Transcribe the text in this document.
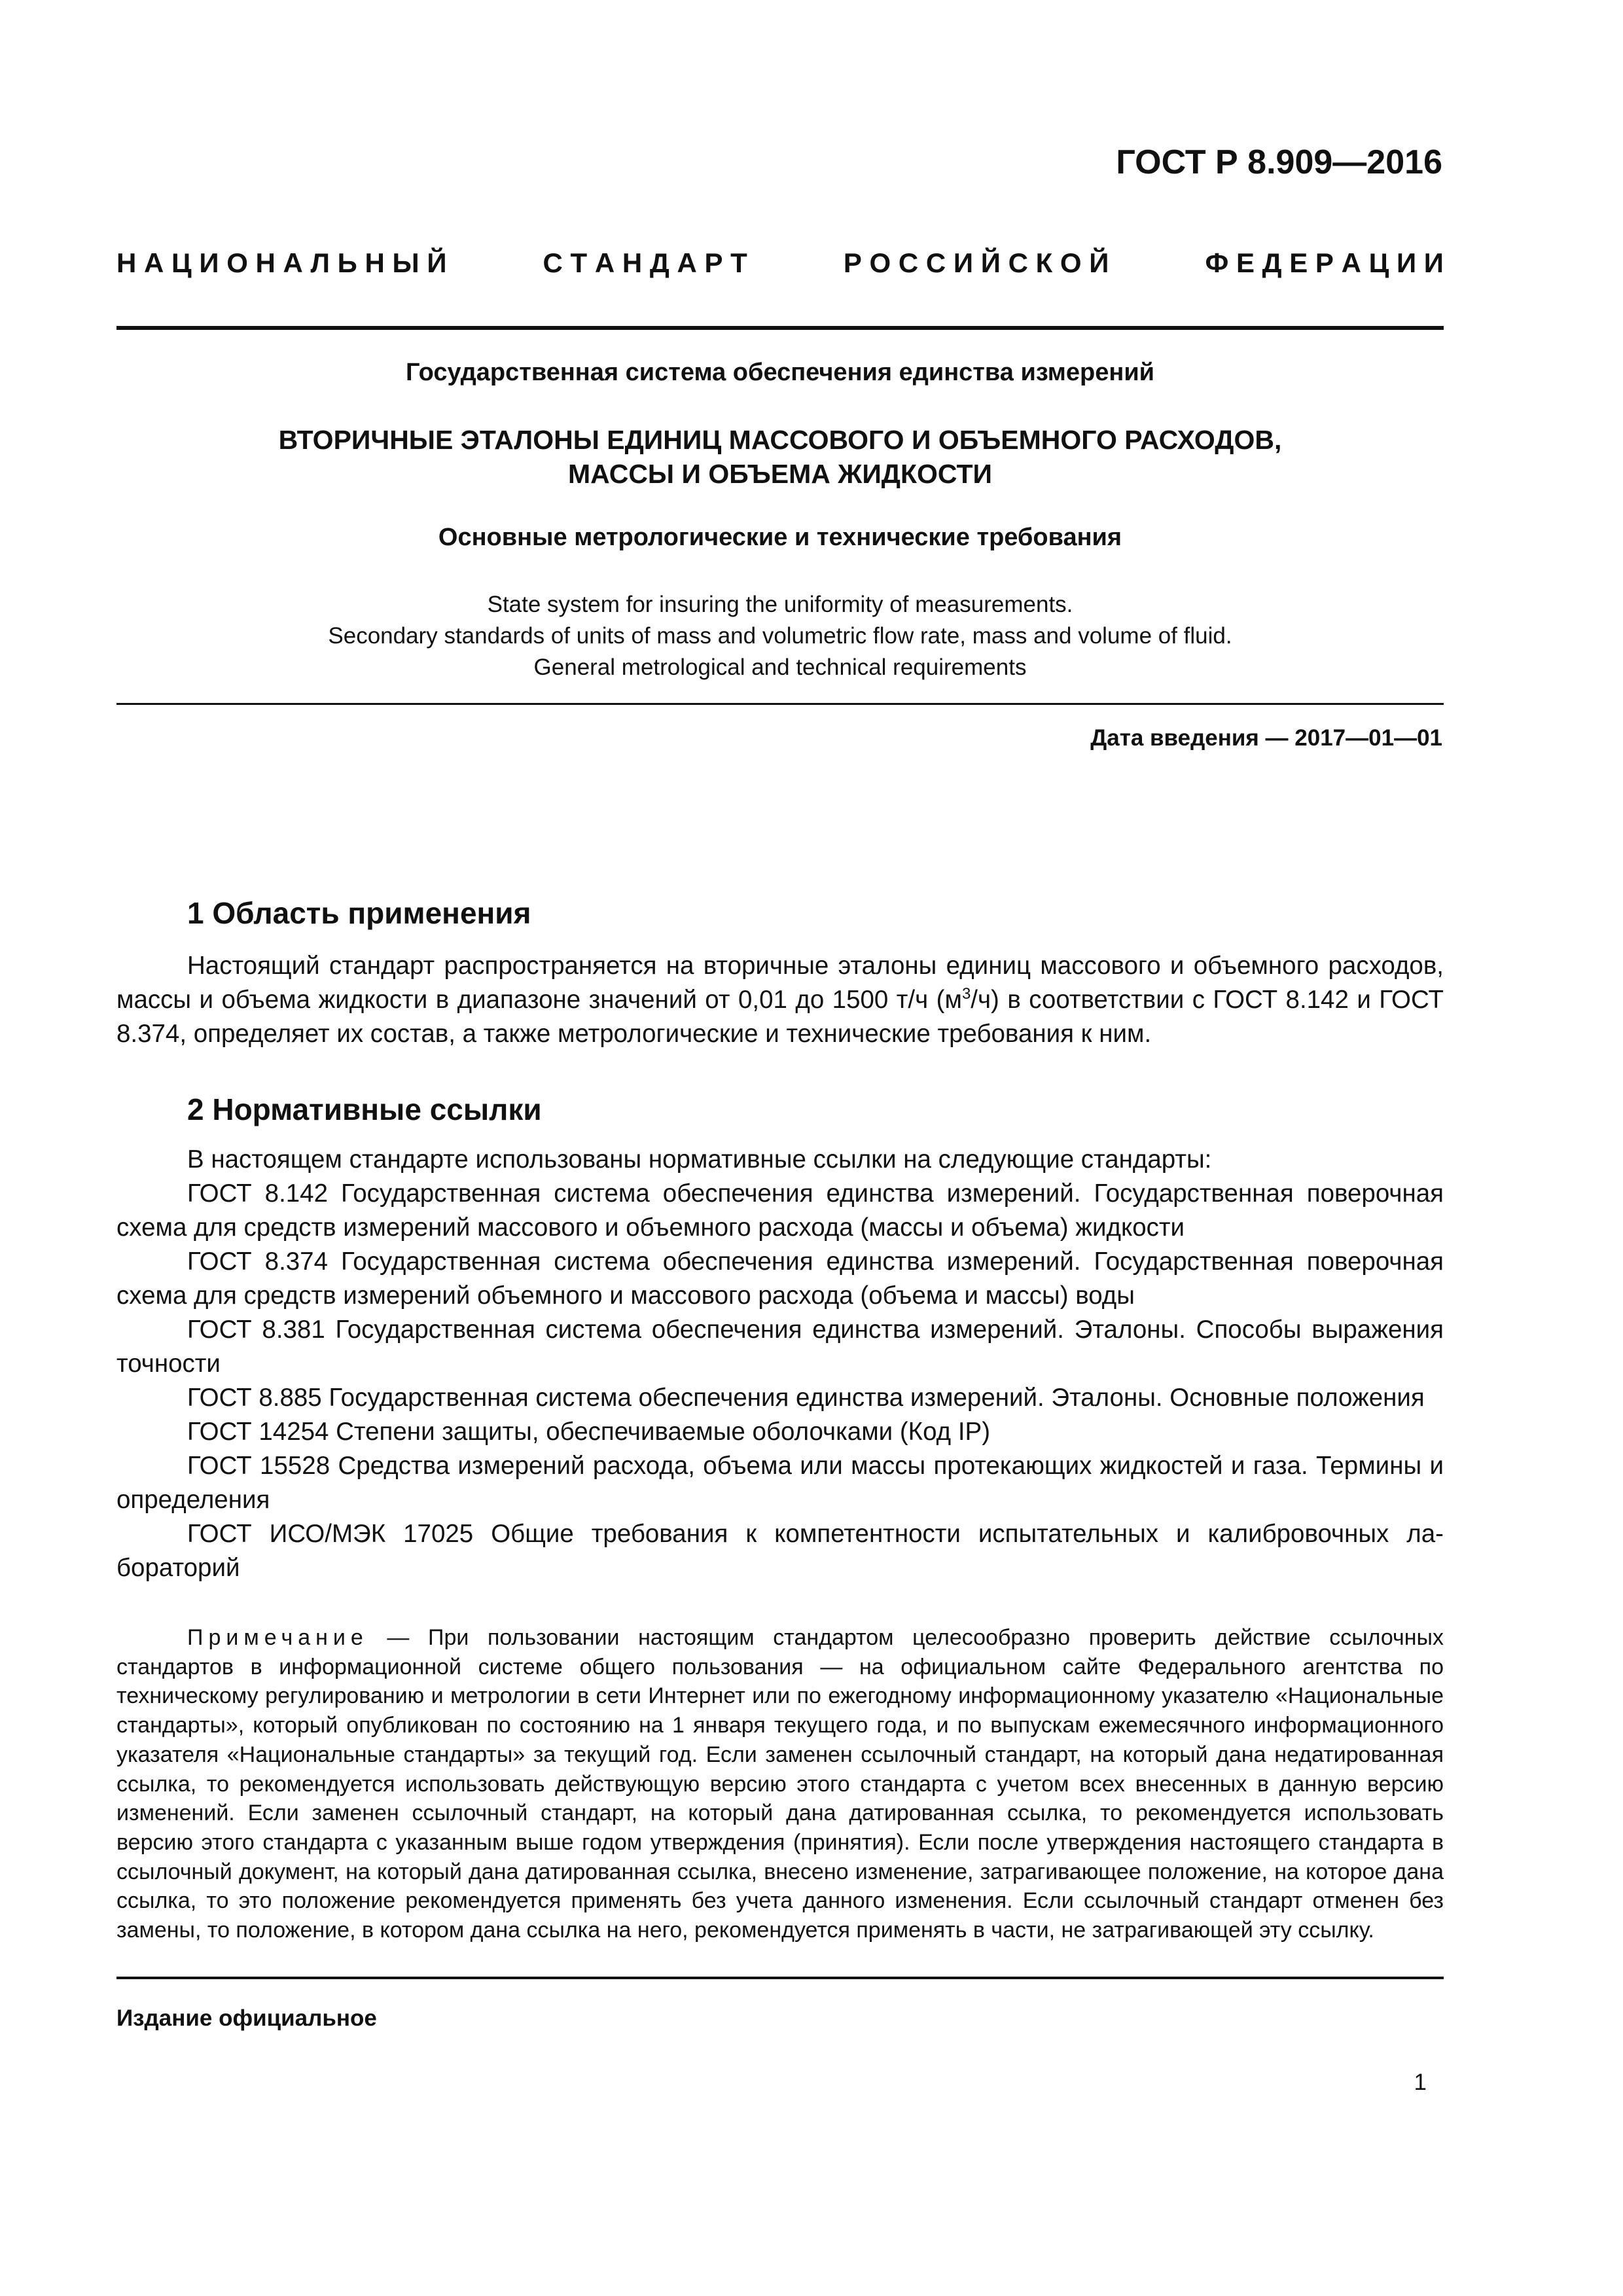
ГОСТ Р 8.909—2016
Н А Ц И О Н А Л Ь Н Ы Й	С Т А Н Д А Р Т	Р О С С И Й С К О Й	Ф Е Д Е Р А Ц И И
Государственная система обеспечения единства измерений
ВТОРИЧНЫЕ ЭТАЛОНЫ ЕДИНИЦ МАССОВОГО И ОБЪЕМНОГО РАСХОДОВ,
МАССЫ И ОБЪЕМА ЖИДКОСТИ
Основные метрологические и технические требования
State system for insuring the uniformity of measurements.
Secondary standards of units of mass and volumetric flow rate, mass and volume of fluid.
General metrological and technical requirements
Дата введения — 2017—01—01
1 Область применения

Настоящий стандарт распространяется на вторичные эталоны единиц массового и объемного расходов, массы и объема жидкости в диапазоне значений от 0,01 до 1500 т/ч $(м^3/ч)$ в соответствии с ГОСТ 8.142 и ГОСТ 8.374, определяет их состав, а также метрологические и технические требования к ним.

2 Нормативные ссылки

В настоящем стандарте использованы нормативные ссылки на следующие стандарты:

ГОСТ 8.142 Государственная система обеспечения единства измерений. Государственная поверочная схема для средств измерений массового и объемного расхода (массы и объема) жидкости

ГОСТ 8.374 Государственная система обеспечения единства измерений. Государственная поверочная схема для средств измерений объемного и массового расхода (объема и массы) воды

ГОСТ 8.381 Государственная система обеспечения единства измерений. Эталоны. Способы выражения точности

ГОСТ 8.885 Государственная система обеспечения единства измерений. Эталоны. Основные положения

ГОСТ 14254 Степени защиты, обеспечиваемые оболочками (Код IP)

ГОСТ 15528 Средства измерений расхода, объема или массы протекающих жидкостей и газа. Термины и определения

ГОСТ ИСО/МЭК 17025 Общие требования к компетентности испытательных и калибровочных лабораторий

Примечание — При пользовании настоящим стандартом целесообразно проверить действие ссылочных стандартов в информационной системе общего пользования — на официальном сайте Федерального агентства по техническому регулированию и метрологии в сети Интернет или по ежегодному информационному указателю «Национальные стандарты», который опубликован по состоянию на 1 января текущего года, и по выпускам ежемесячного информационного указателя «Национальные стандарты» за текущий год. Если заменен ссылочный стандарт, на который дана недатированная ссылка, то рекомендуется использовать действующую версию этого стандарта с учетом всех внесенных в данную версию изменений. Если заменен ссылочный стандарт, на который дана датированная ссылка, то рекомендуется использовать версию этого стандарта с указанным выше годом утверждения (принятия). Если после утверждения настоящего стандарта в ссылочный документ, на который дана датированная ссылка, внесено изменение, затрагивающее положение, на которое дана ссылка, то это положение рекомендуется применять без учета данного изменения. Если ссылочный стандарт отменен без замены, то положение, в котором дана ссылка на него, рекомендуется применять в части, не затрагивающей эту ссылку.
Издание официальное
1
